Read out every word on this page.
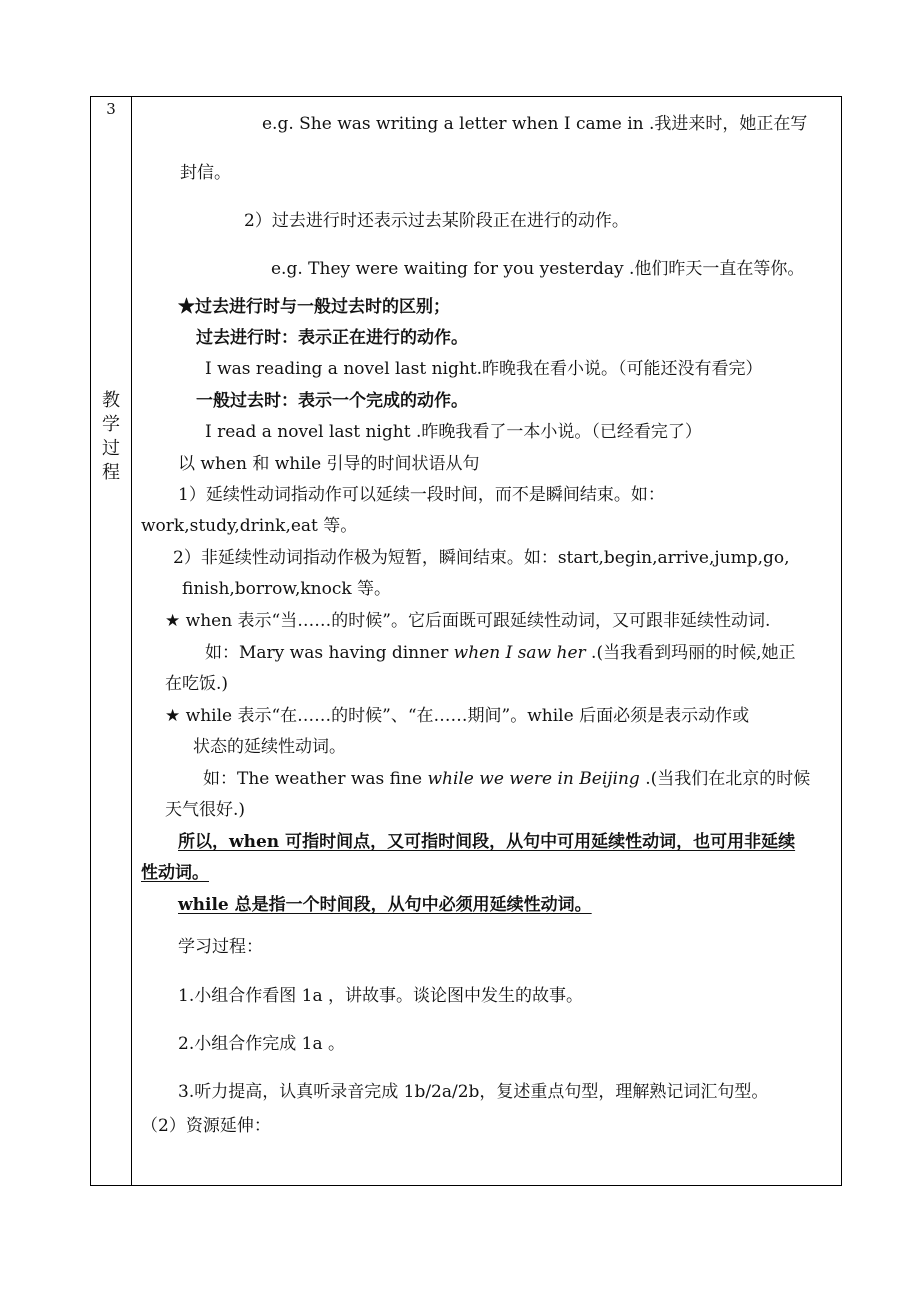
3
教
学
过
程
e.g. She was writing a letter when I came in .我进来时，她正在写
封信。
2）过去进行时还表示过去某阶段正在进行的动作。
e.g. They were waiting for you yesterday .他们昨天一直在等你。
★过去进行时与一般过去时的区别；
过去进行时：表示正在进行的动作。
I was reading a novel last night.昨晚我在看小说。（可能还没有看完）
一般过去时：表示一个完成的动作。
I read a novel last night .昨晚我看了一本小说。（已经看完了）
以 when 和 while 引导的时间状语从句
1）延续性动词指动作可以延续一段时间，而不是瞬间结束。如：
work,study,drink,eat 等。
2）非延续性动词指动作极为短暂，瞬间结束。如：start,begin,arrive,jump,go,
finish,borrow,knock 等。
★ when 表示“当……的时候”。它后面既可跟延续性动词，又可跟非延续性动词.
如：Mary was having dinner when I saw her .(当我看到玛丽的时候,她正
在吃饭.)
★ while 表示“在……的时候”、“在……期间”。while 后面必须是表示动作或
状态的延续性动词。
如：The weather was fine while we were in Beijing .(当我们在北京的时候
天气很好.)
所以，when 可指时间点，又可指时间段，从句中可用延续性动词，也可用非延续
性动词。
while 总是指一个时间段，从句中必须用延续性动词。
学习过程：
1.小组合作看图 1a ，讲故事。谈论图中发生的故事。
2.小组合作完成 1a 。
3.听力提高，认真听录音完成 1b/2a/2b，复述重点句型，理解熟记词汇句型。
（2）资源延伸：
